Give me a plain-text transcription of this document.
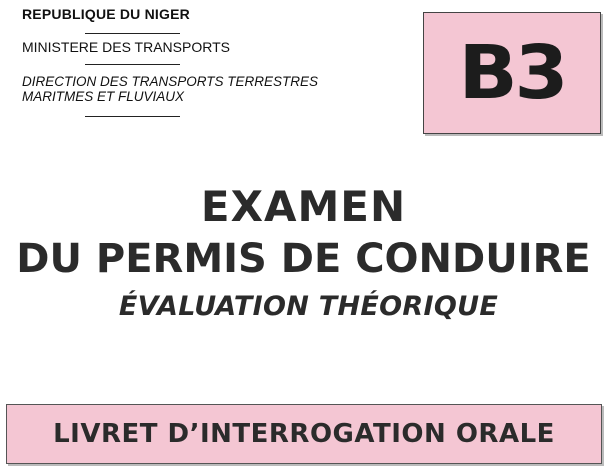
REPUBLIQUE DU NIGER

MINISTERE DES TRANSPORTS

DIRECTION DES TRANSPORTS TERRESTRES
MARITMES ET FLUVIAUX	B3
EXAMEN
DU PERMIS DE CONDUIRE
ÉVALUATION THÉORIQUE
LIVRET D’INTERROGATION ORALE
